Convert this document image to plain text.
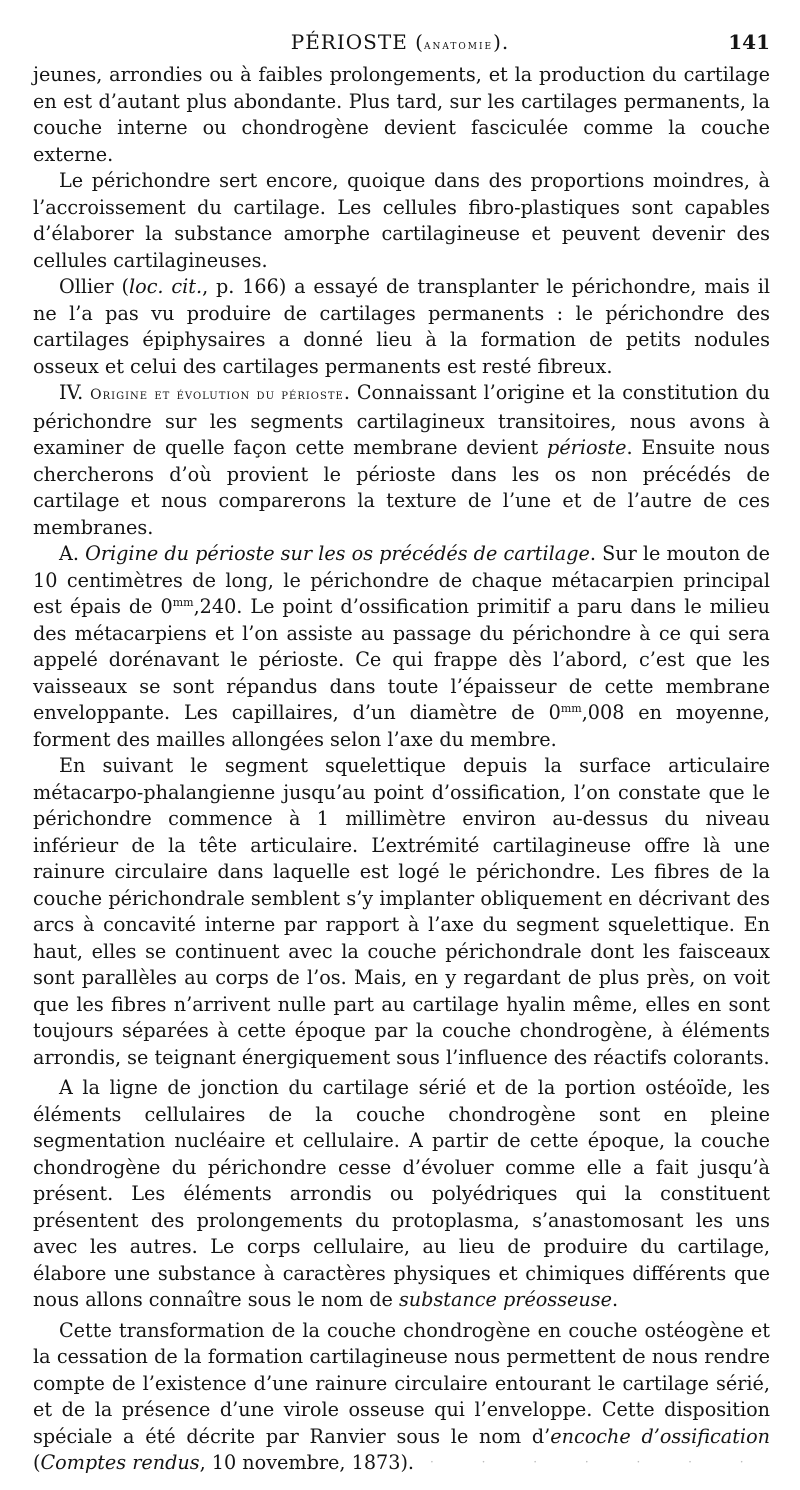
PÉRIOSTE (anatomie).	141

jeunes, arrondies ou à faibles prolongements, et la production du cartilage en est d’autant plus abondante. Plus tard, sur les cartilages permanents, la couche interne ou chondrogène devient fasciculée comme la couche externe.

Le périchondre sert encore, quoique dans des proportions moindres, à l’accroissement du cartilage. Les cellules fibro-plastiques sont capables d’élaborer la substance amorphe cartilagineuse et peuvent devenir des cellules cartilagineuses.

Ollier (loc. cit., p. 166) a essayé de transplanter le périchondre, mais il ne l’a pas vu produire de cartilages permanents : le périchondre des cartilages épiphysaires a donné lieu à la formation de petits nodules osseux et celui des cartilages permanents est resté fibreux.

IV. Origine et évolution du périoste. Connaissant l’origine et la constitution du périchondre sur les segments cartilagineux transitoires, nous avons à examiner de quelle façon cette membrane devient périoste. Ensuite nous chercherons d’où provient le périoste dans les os non précédés de cartilage et nous comparerons la texture de l’une et de l’autre de ces membranes.

A. Origine du périoste sur les os précédés de cartilage. Sur le mouton de 10 centimètres de long, le périchondre de chaque métacarpien principal est épais de $0^{mm},240$. Le point d’ossification primitif a paru dans le milieu des métacarpiens et l’on assiste au passage du périchondre à ce qui sera appelé dorénavant le périoste. Ce qui frappe dès l’abord, c’est que les vaisseaux se sont répandus dans toute l’épaisseur de cette membrane enveloppante. Les capillaires, d’un diamètre de $0^{mm},008$ en moyenne, forment des mailles allongées selon l’axe du membre.

En suivant le segment squelettique depuis la surface articulaire métacarpo-phalangienne jusqu’au point d’ossification, l’on constate que le périchondre commence à 1 millimètre environ au-dessus du niveau inférieur de la tête articulaire. L’extrémité cartilagineuse offre là une rainure circulaire dans laquelle est logé le périchondre. Les fibres de la couche périchondrale semblent s’y implanter obliquement en décrivant des arcs à concavité interne par rapport à l’axe du segment squelettique. En haut, elles se continuent avec la couche périchondrale dont les faisceaux sont parallèles au corps de l’os. Mais, en y regardant de plus près, on voit que les fibres n’arrivent nulle part au cartilage hyalin même, elles en sont toujours séparées à cette époque par la couche chondrogène, à éléments arrondis, se teignant énergiquement sous l’influence des réactifs colorants.

A la ligne de jonction du cartilage sérié et de la portion ostéoïde, les éléments cellulaires de la couche chondrogène sont en pleine segmentation nucléaire et cellulaire. A partir de cette époque, la couche chondrogène du périchondre cesse d’évoluer comme elle a fait jusqu’à présent. Les éléments arrondis ou polyédriques qui la constituent présentent des prolongements du protoplasma, s’anastomosant les uns avec les autres. Le corps cellulaire, au lieu de produire du cartilage, élabore une substance à caractères physiques et chimiques différents que nous allons connaître sous le nom de substance préosseuse.

Cette transformation de la couche chondrogène en couche ostéogène et la cessation de la formation cartilagineuse nous permettent de nous rendre compte de l’existence d’une rainure circulaire entourant le cartilage sérié, et de la présence d’une virole osseuse qui l’enveloppe. Cette disposition spéciale a été décrite par Ranvier sous le nom d’encoche d’ossification (Comptes rendus, 10 novembre, 1873).	· · · · · · ·
